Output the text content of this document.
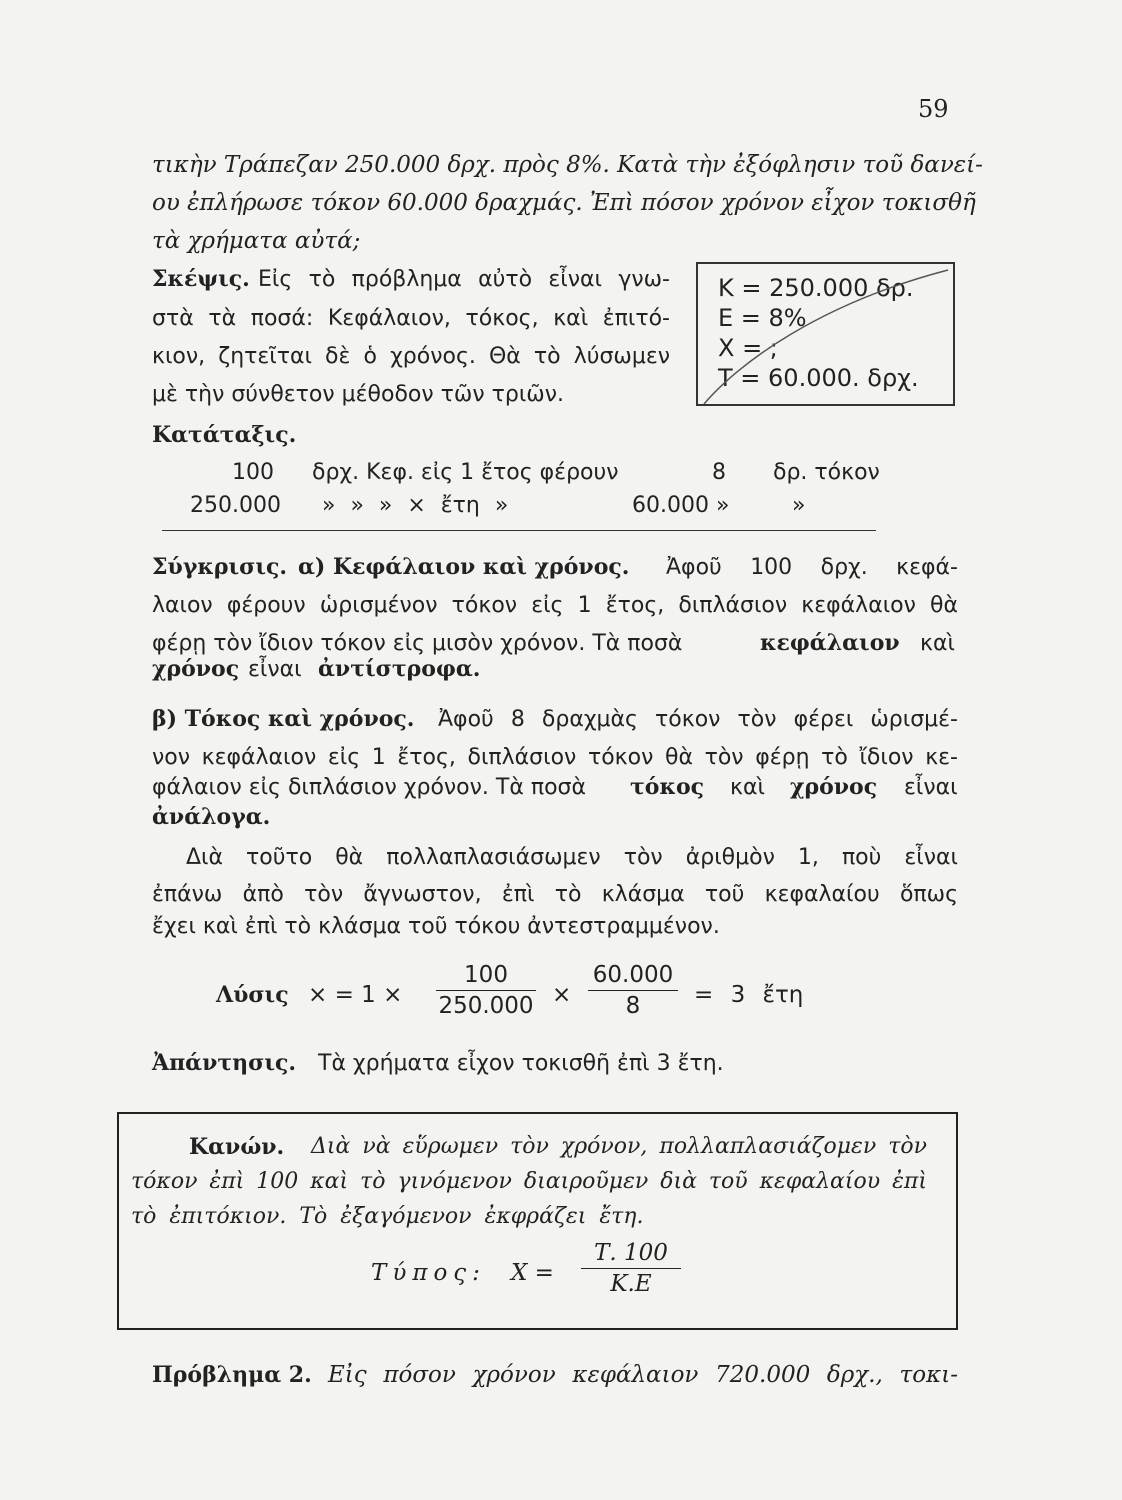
59
τικὴν Τράπεζαν 250.000 δρχ. πρὸς 8%. Κατὰ τὴν ἐξόφλησιν τοῦ δανεί-
ου ἐπλήρωσε τόκον 60.000 δραχμάς. Ἐπὶ πόσον χρόνον εἶχον τοκισθῆ
τὰ χρήματα αὐτά;
Σκέψις. Εἰς τὸ πρόβλημα αὐτὸ εἶναι γνω-
στὰ τὰ ποσά: Κεφάλαιον, τόκος, καὶ ἐπιτό-
κιον, ζητεῖται δὲ ὁ χρόνος. Θὰ τὸ λύσωμεν
μὲ τὴν σύνθετον μέθοδον τῶν τριῶν.
Κ = 250.000 δρ.
Ε = 8%
Χ = ;
Τ = 60.000. δρχ.
Κατάταξις.
100 δρχ. Κεφ. εἰς 1 ἔτος φέρουν	8 δρ. τόκον
250.000 » » » × ἔτη »	60.000 »	»
Σύγκρισις. α) Κεφάλαιον καὶ χρόνος. Ἀφοῦ 100 δρχ. κεφά-
λαιον φέρουν ὡρισμένον τόκον εἰς 1 ἔτος, διπλάσιον κεφάλαιον θὰ
φέρῃ τὸν ἴδιον τόκον εἰς μισὸν χρόνον. Τὰ ποσὰ	κεφάλαιον καὶ
χρόνος εἶναι ἀντίστροφα.
β) Τόκος καὶ χρόνος. Ἀφοῦ 8 δραχμὰς τόκον τὸν φέρει ὡρισμέ-
νον κεφάλαιον εἰς 1 ἔτος, διπλάσιον τόκον θὰ τὸν φέρῃ τὸ ἴδιον κε-
φάλαιον εἰς διπλάσιον χρόνον. Τὰ ποσὰ τόκος καὶ χρόνος εἶναι
ἀνάλογα.
Διὰ τοῦτο θὰ πολλαπλασιάσωμεν τὸν ἀριθμὸν 1, ποὺ εἶναι
ἐπάνω ἀπὸ τὸν ἄγνωστον, ἐπὶ τὸ κλάσμα τοῦ κεφαλαίου ὅπως
ἔχει καὶ ἐπὶ τὸ κλάσμα τοῦ τόκου ἀντεστραμμένον.
Λύσις × = 1 ×
100
250.000 ×
60.000
8	= 3 ἔτη
Ἀπάντησις. Τὰ χρήματα εἶχον τοκισθῆ ἐπὶ 3 ἔτη.
Κανών. Διὰ νὰ εὕρωμεν τὸν χρόνον, πολλαπλασιάζομεν τὸν
τόκον ἐπὶ 100 καὶ τὸ γινόμενον διαιροῦμεν διὰ τοῦ κεφαλαίου ἐπὶ
τὸ ἐπιτόκιον. Τὸ ἐξαγόμενον ἐκφράζει ἔτη.
Τύπος: Χ =
Τ. 100
Κ.Ε
Πρόβλημα 2. Εἰς πόσον χρόνον κεφάλαιον 720.000 δρχ., τοκι-
